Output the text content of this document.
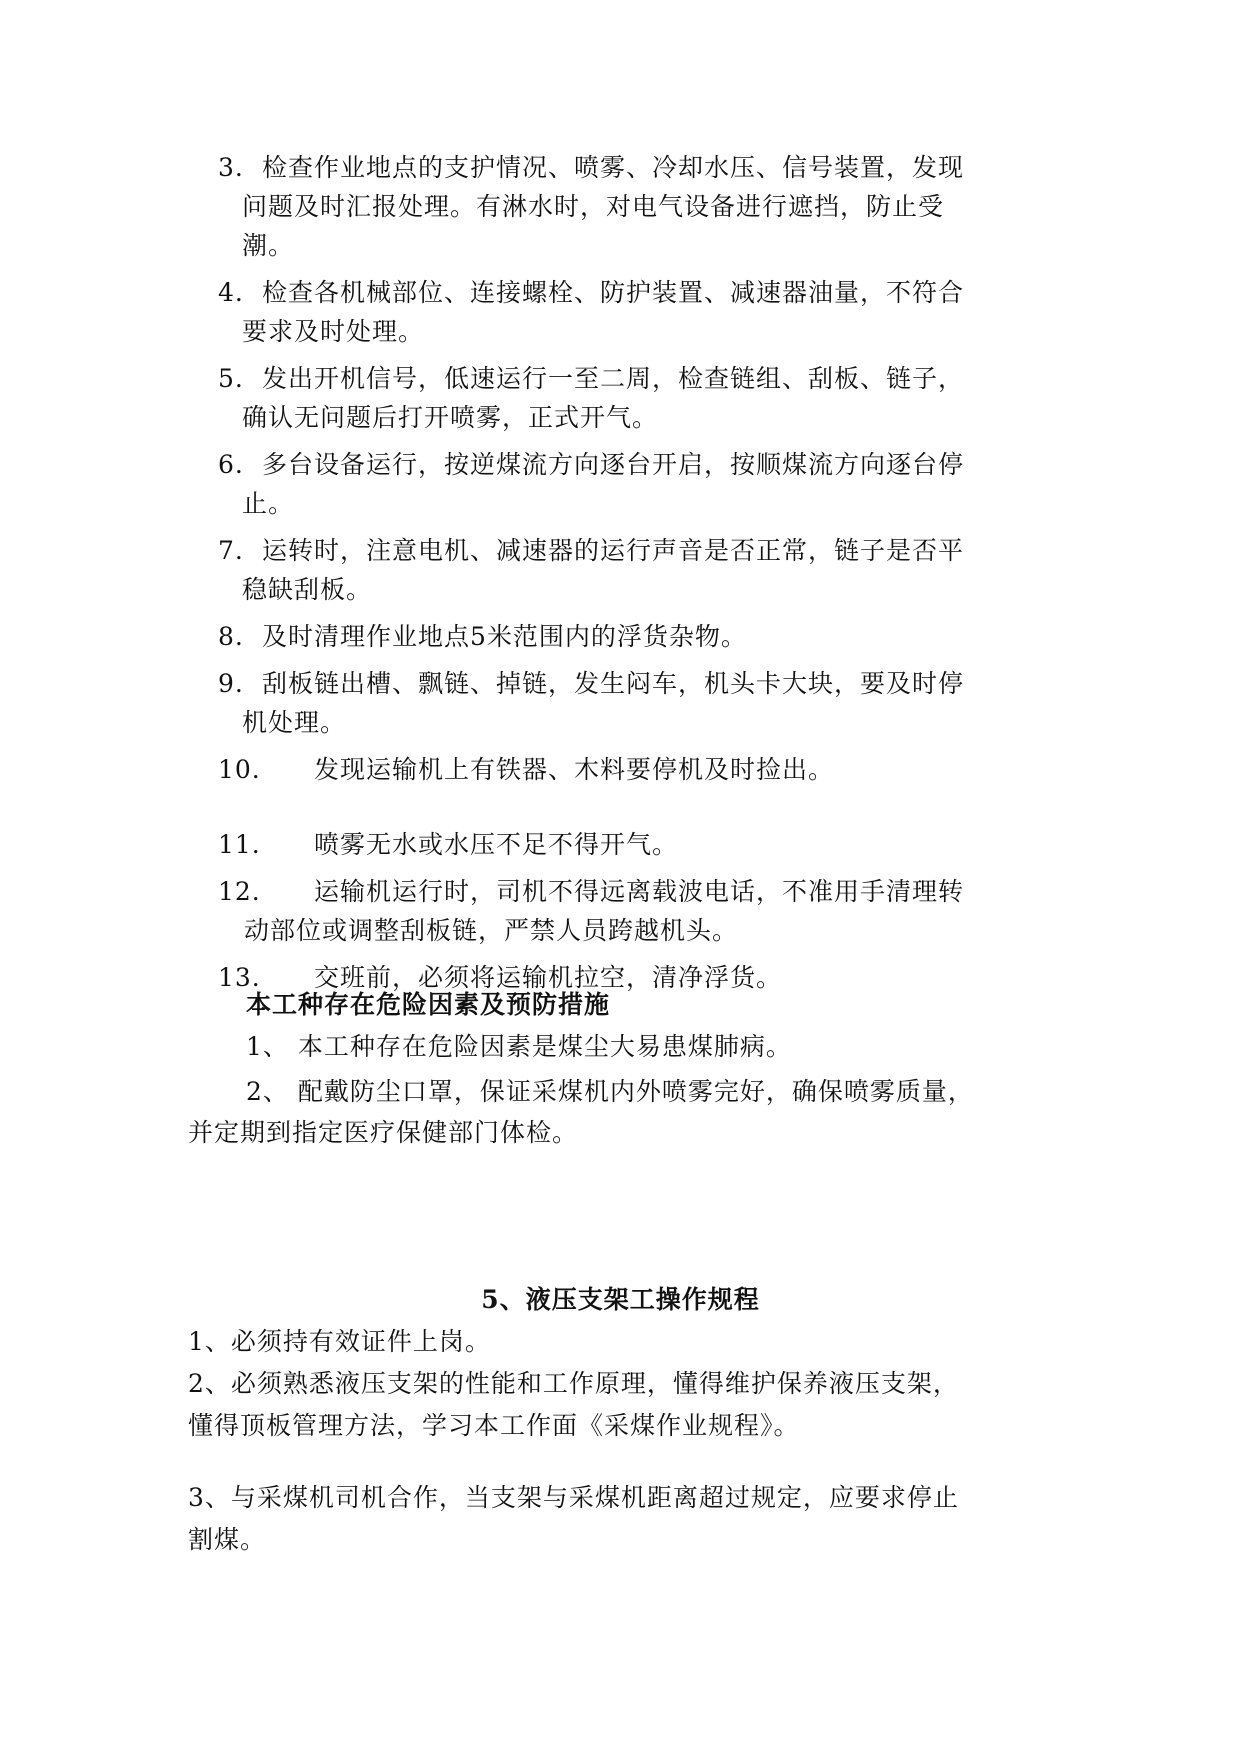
3. 检查作业地点的支护情况、喷雾、冷却水压、信号装置，发现
问题及时汇报处理。有淋水时，对电气设备进行遮挡，防止受
潮。
4. 检查各机械部位、连接螺栓、防护装置、减速器油量，不符合
要求及时处理。
5. 发出开机信号，低速运行一至二周，检查链组、刮板、链子，
确认无问题后打开喷雾，正式开气。
6. 多台设备运行，按逆煤流方向逐台开启，按顺煤流方向逐台停
止。
7. 运转时，注意电机、减速器的运行声音是否正常，链子是否平
稳缺刮板。
8. 及时清理作业地点5米范围内的浮货杂物。
9. 刮板链出槽、飘链、掉链，发生闷车，机头卡大块，要及时停
机处理。
10.	发现运输机上有铁器、木料要停机及时捡出。
11.	喷雾无水或水压不足不得开气。
12.	运输机运行时，司机不得远离载波电话，不准用手清理转
动部位或调整刮板链，严禁人员跨越机头。
13.	交班前，必须将运输机拉空，清净浮货。
本工种存在危险因素及预防措施
1、 本工种存在危险因素是煤尘大易患煤肺病。
2、 配戴防尘口罩，保证采煤机内外喷雾完好，确保喷雾质量，
并定期到指定医疗保健部门体检。
5、液压支架工操作规程
1、必须持有效证件上岗。
2、必须熟悉液压支架的性能和工作原理，懂得维护保养液压支架，
懂得顶板管理方法，学习本工作面《采煤作业规程》。
3、与采煤机司机合作，当支架与采煤机距离超过规定，应要求停止
割煤。
